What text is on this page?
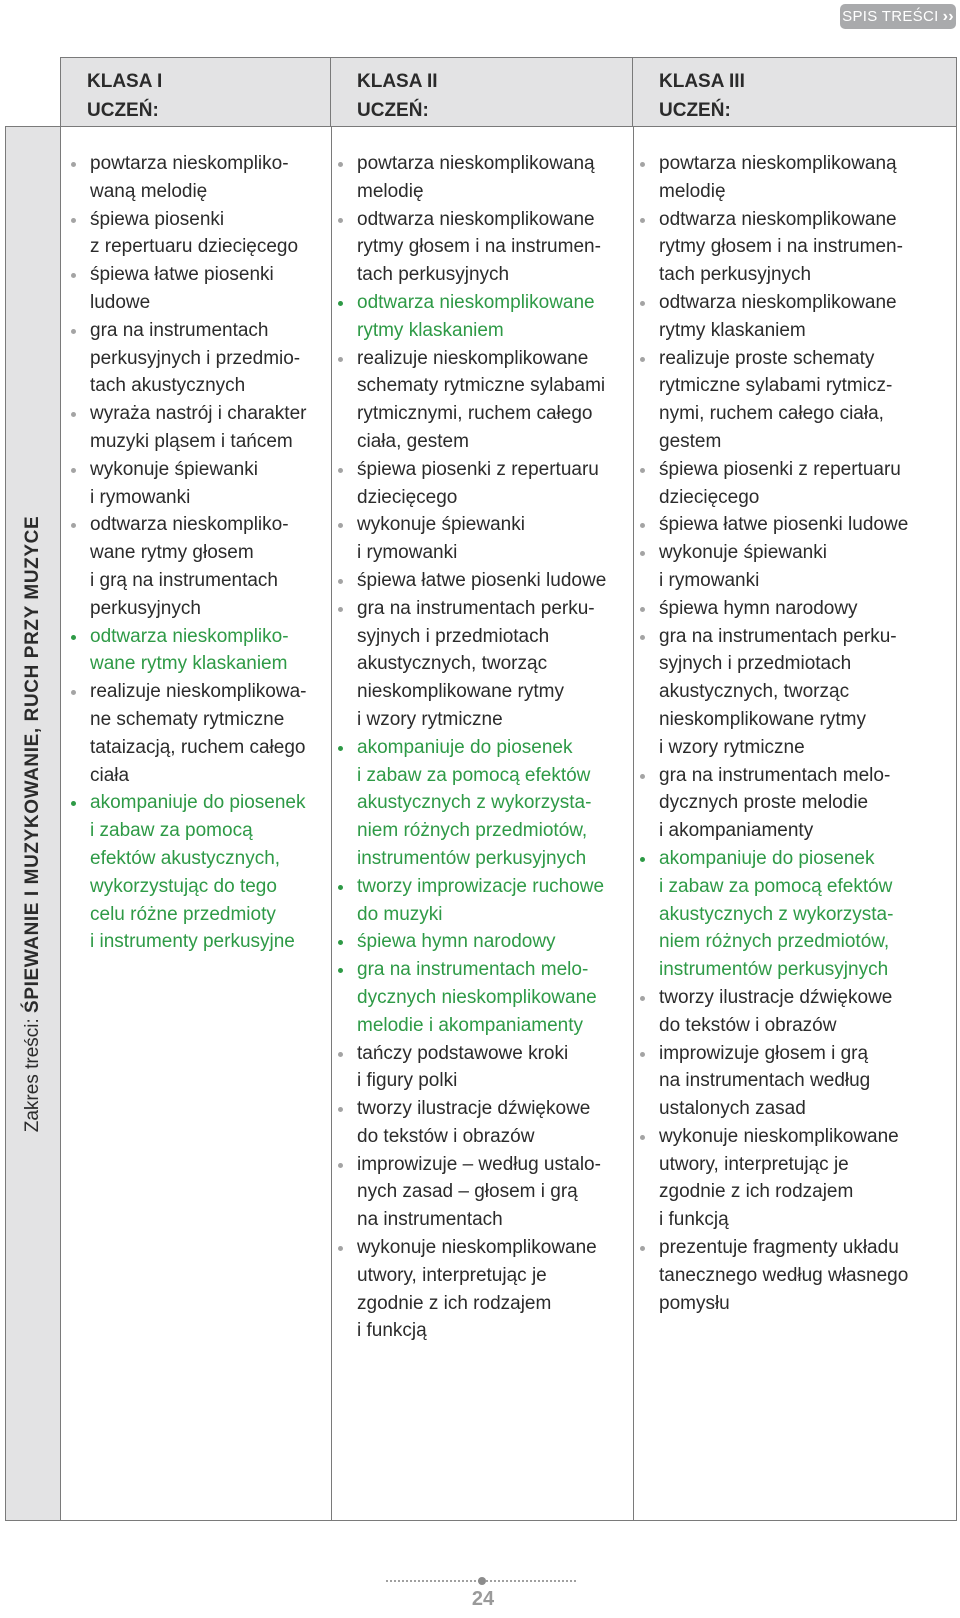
SPIS TREŚCI ››
KLASA I
UCZEŃ:
KLASA II
UCZEŃ:
KLASA III
UCZEŃ:
Zakres treści: ŚPIEWANIE I MUZYKOWANIE, RUCH PRZY MUZYCE
powtarza nieskompliko-
waną melodię
śpiewa piosenki
z repertuaru dziecięcego
śpiewa łatwe piosenki
ludowe
gra na instrumentach
perkusyjnych i przedmio-
tach akustycznych
wyraża nastrój i charakter
muzyki pląsem i tańcem
wykonuje śpiewanki
i rymowanki
odtwarza nieskompliko-
wane rytmy głosem
i grą na instrumentach
perkusyjnych
odtwarza nieskompliko-
wane rytmy klaskaniem
realizuje nieskomplikowa-
ne schematy rytmiczne
tataizacją, ruchem całego
ciała
akompaniuje do piosenek
i zabaw za pomocą
efektów akustycznych,
wykorzystując do tego
celu różne przedmioty
i instrumenty perkusyjne
powtarza nieskomplikowaną
melodię
odtwarza nieskomplikowane
rytmy głosem i na instrumen-
tach perkusyjnych
odtwarza nieskomplikowane
rytmy klaskaniem
realizuje nieskomplikowane
schematy rytmiczne sylabami
rytmicznymi, ruchem całego
ciała, gestem
śpiewa piosenki z repertuaru
dziecięcego
wykonuje śpiewanki
i rymowanki
śpiewa łatwe piosenki ludowe
gra na instrumentach perku-
syjnych i przedmiotach
akustycznych, tworząc
nieskomplikowane rytmy
i wzory rytmiczne
akompaniuje do piosenek
i zabaw za pomocą efektów
akustycznych z wykorzysta-
niem różnych przedmiotów,
instrumentów perkusyjnych
tworzy improwizacje ruchowe
do muzyki
śpiewa hymn narodowy
gra na instrumentach melo-
dycznych nieskomplikowane
melodie i akompaniamenty
tańczy podstawowe kroki
i figury polki
tworzy ilustracje dźwiękowe
do tekstów i obrazów
improwizuje – według ustalo-
nych zasad – głosem i grą
na instrumentach
wykonuje nieskomplikowane
utwory, interpretując je
zgodnie z ich rodzajem
i funkcją
powtarza nieskomplikowaną
melodię
odtwarza nieskomplikowane
rytmy głosem i na instrumen-
tach perkusyjnych
odtwarza nieskomplikowane
rytmy klaskaniem
realizuje proste schematy
rytmiczne sylabami rytmicz-
nymi, ruchem całego ciała,
gestem
śpiewa piosenki z repertuaru
dziecięcego
śpiewa łatwe piosenki ludowe
wykonuje śpiewanki
i rymowanki
śpiewa hymn narodowy
gra na instrumentach perku-
syjnych i przedmiotach
akustycznych, tworząc
nieskomplikowane rytmy
i wzory rytmiczne
gra na instrumentach melo-
dycznych proste melodie
i akompaniamenty
akompaniuje do piosenek
i zabaw za pomocą efektów
akustycznych z wykorzysta-
niem różnych przedmiotów,
instrumentów perkusyjnych
tworzy ilustracje dźwiękowe
do tekstów i obrazów
improwizuje głosem i grą
na instrumentach według
ustalonych zasad
wykonuje nieskomplikowane
utwory, interpretując je
zgodnie z ich rodzajem
i funkcją
prezentuje fragmenty układu
tanecznego według własnego
pomysłu
24
